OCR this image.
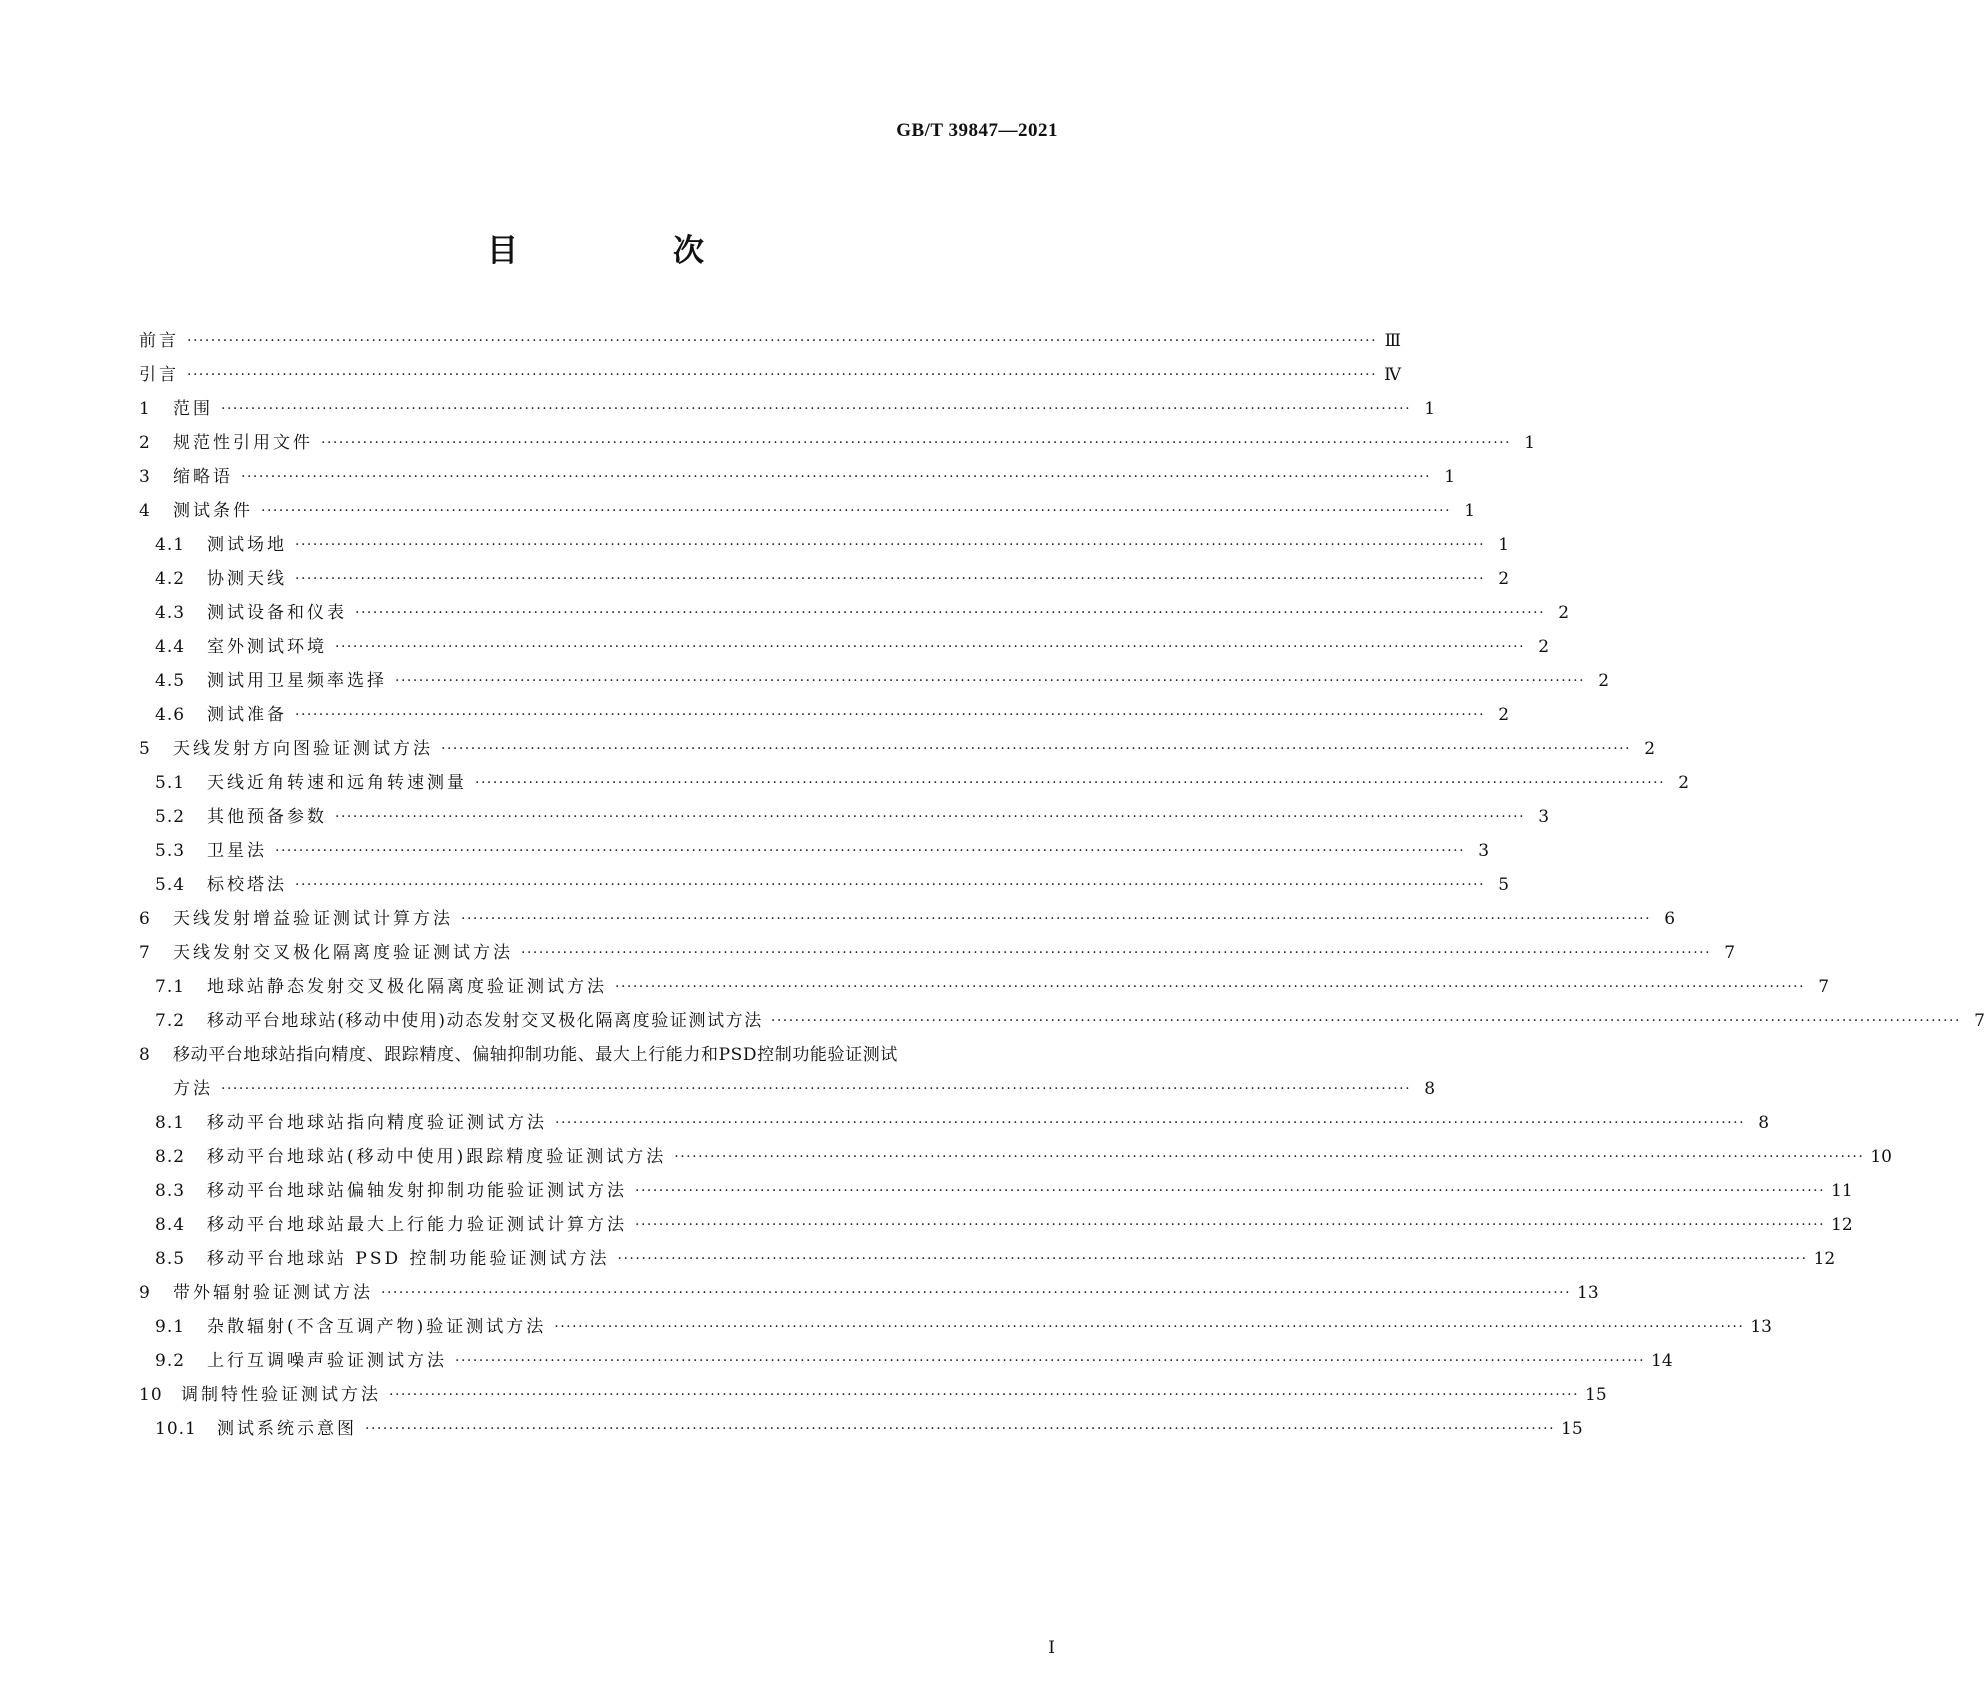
GB/T 39847—2021
目　次
前言 ········································································································································································································ Ⅲ
引言 ········································································································································································································ Ⅳ
1	范围 ········································································································································································································ 1
2	规范性引用文件 ········································································································································································································ 1
3	缩略语 ········································································································································································································ 1
4	测试条件 ········································································································································································································ 1
4.1	测试场地 ········································································································································································································ 1
4.2	协测天线 ········································································································································································································ 2
4.3	测试设备和仪表 ········································································································································································································ 2
4.4	室外测试环境 ········································································································································································································ 2
4.5	测试用卫星频率选择 ········································································································································································································ 2
4.6	测试准备 ········································································································································································································ 2
5	天线发射方向图验证测试方法 ········································································································································································································ 2
5.1	天线近角转速和远角转速测量 ········································································································································································································ 2
5.2	其他预备参数 ········································································································································································································ 3
5.3	卫星法 ········································································································································································································ 3
5.4	标校塔法 ········································································································································································································ 5
6	天线发射增益验证测试计算方法 ········································································································································································································ 6
7	天线发射交叉极化隔离度验证测试方法 ········································································································································································································ 7
7.1	地球站静态发射交叉极化隔离度验证测试方法 ········································································································································································································ 7
7.2	移动平台地球站(移动中使用)动态发射交叉极化隔离度验证测试方法 ········································································································································································································ 7
8	移动平台地球站指向精度、跟踪精度、偏轴抑制功能、最大上行能力和PSD控制功能验证测试
方法 ········································································································································································································ 8
8.1	移动平台地球站指向精度验证测试方法 ········································································································································································································ 8
8.2	移动平台地球站(移动中使用)跟踪精度验证测试方法 ········································································································································································································ 10
8.3	移动平台地球站偏轴发射抑制功能验证测试方法 ········································································································································································································ 11
8.4	移动平台地球站最大上行能力验证测试计算方法 ········································································································································································································ 12
8.5	移动平台地球站 PSD 控制功能验证测试方法 ········································································································································································································ 12
9	带外辐射验证测试方法 ········································································································································································································ 13
9.1	杂散辐射(不含互调产物)验证测试方法 ········································································································································································································ 13
9.2	上行互调噪声验证测试方法 ········································································································································································································ 14
10	调制特性验证测试方法 ········································································································································································································ 15
10.1	测试系统示意图 ········································································································································································································ 15
I
